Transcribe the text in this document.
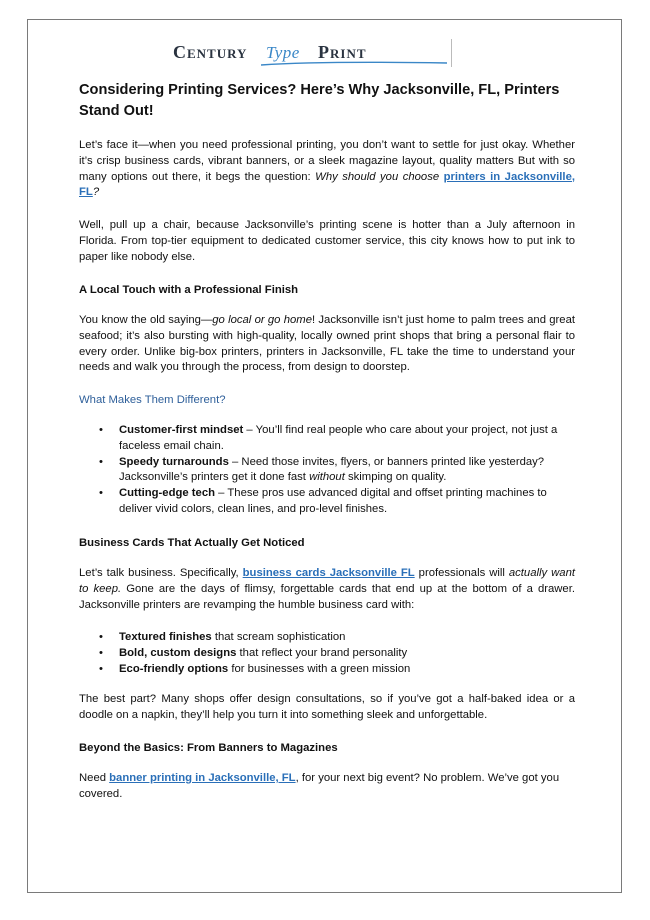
Century Type Print
Considering Printing Services? Here’s Why Jacksonville, FL, Printers Stand Out!

Let’s face it—when you need professional printing, you don’t want to settle for just okay. Whether it’s crisp business cards, vibrant banners, or a sleek magazine layout, quality matters But with so many options out there, it begs the question: Why should you choose printers in Jacksonville, FL?

Well, pull up a chair, because Jacksonville’s printing scene is hotter than a July afternoon in Florida. From top-tier equipment to dedicated customer service, this city knows how to put ink to paper like nobody else.

A Local Touch with a Professional Finish

You know the old saying—go local or go home! Jacksonville isn’t just home to palm trees and great seafood; it’s also bursting with high-quality, locally owned print shops that bring a personal flair to every order. Unlike big-box printers, printers in Jacksonville, FL take the time to understand your needs and walk you through the process, from design to doorstep.

What Makes Them Different?
• Customer-first mindset – You’ll find real people who care about your project, not just a faceless email chain.
• Speedy turnarounds – Need those invites, flyers, or banners printed like yesterday? Jacksonville’s printers get it done fast without skimping on quality.
• Cutting-edge tech – These pros use advanced digital and offset printing machines to deliver vivid colors, clean lines, and pro-level finishes.
Business Cards That Actually Get Noticed

Let’s talk business. Specifically, business cards Jacksonville FL professionals will actually want to keep. Gone are the days of flimsy, forgettable cards that end up at the bottom of a drawer. Jacksonville printers are revamping the humble business card with:

• Textured finishes that scream sophistication
• Bold, custom designs that reflect your brand personality
• Eco-friendly options for businesses with a green mission

The best part? Many shops offer design consultations, so if you’ve got a half-baked idea or a doodle on a napkin, they’ll help you turn it into something sleek and unforgettable.

Beyond the Basics: From Banners to Magazines

Need banner printing in Jacksonville, FL, for your next big event? No problem. We’ve got you covered.
